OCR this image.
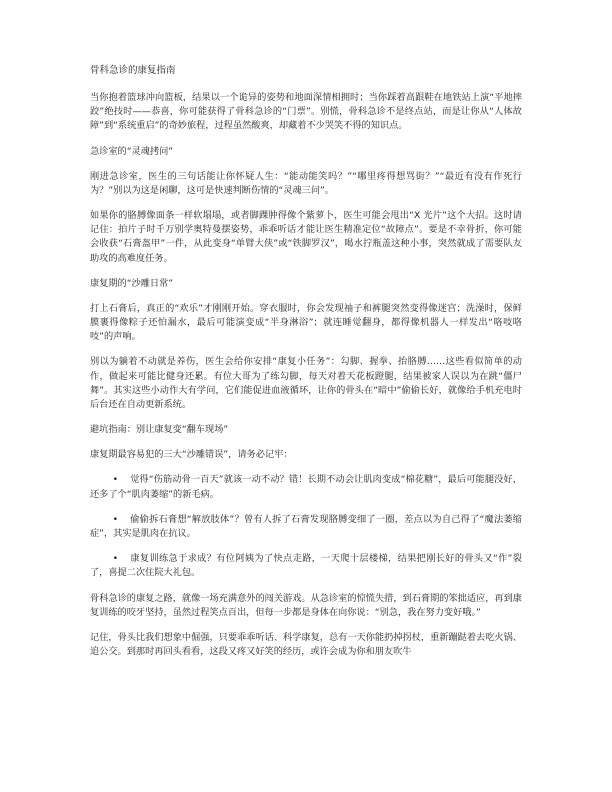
骨科急诊的康复指南

当你抱着篮球冲向篮板，结果以一个诡异的姿势和地面深情相拥时；当你踩着高跟鞋在地铁站上演“平地摔跤”绝技时——恭喜，你可能获得了骨科急诊的“门票”。别慌，骨科急诊不是终点站，而是让你从“人体故障”到“系统重启”的奇妙旅程，过程虽然酸爽，却藏着不少哭笑不得的知识点。

急诊室的“灵魂拷问”

刚进急诊室，医生的三句话能让你怀疑人生：“能动能笑吗？”“哪里疼得想骂街？”“最近有没有作死行为？”别以为这是闲聊，这可是快速判断伤情的“灵魂三问”。

如果你的胳膊像面条一样软塌塌，或者脚踝肿得像个紫萝卜，医生可能会甩出“X 光片”这个大招。这时请记住：拍片子时千万别学奥特曼摆姿势，乖乖听话才能让医生精准定位“故障点”。要是不幸骨折，你可能会收获“石膏盔甲”一件，从此变身“单臂大侠”或“铁脚罗汉”，喝水拧瓶盖这种小事，突然就成了需要队友助攻的高难度任务。

康复期的“沙雕日常”

打上石膏后，真正的“欢乐”才刚刚开始。穿衣服时，你会发现袖子和裤腿突然变得像迷宫；洗澡时，保鲜膜裹得像粽子还怕漏水，最后可能演变成“半身淋浴”；就连睡觉翻身，都得像机器人一样发出“咯吱咯吱”的声响。

别以为躺着不动就是养伤，医生会给你安排“康复小任务”：勾脚、握拳、抬胳膊……这些看似简单的动作，做起来可能比健身还累。有位大哥为了练勾脚，每天对着天花板蹬腿，结果被家人误以为在跳“僵尸舞”。其实这些小动作大有学问，它们能促进血液循环，让你的骨头在“暗中”偷偷长好，就像给手机充电时后台还在自动更新系统。

避坑指南：别让康复变“翻车现场”

康复期最容易犯的三大“沙雕错误”，请务必记牢：

• 觉得“伤筋动骨一百天”就该一动不动？错！长期不动会让肌肉变成“棉花糖”，最后可能腿没好，还多了个“肌肉萎缩”的新毛病。

• 偷偷拆石膏想“解放肢体”？曾有人拆了石膏发现胳膊变细了一圈，差点以为自己得了“魔法萎缩症”，其实是肌肉在抗议。

• 康复训练急于求成？有位阿姨为了快点走路，一天爬十层楼梯，结果把刚长好的骨头又“作”裂了，喜提二次住院大礼包。

骨科急诊的康复之路，就像一场充满意外的闯关游戏。从急诊室的惊慌失措，到石膏期的笨拙适应，再到康复训练的咬牙坚持，虽然过程笑点百出，但每一步都是身体在向你说：“别急，我在努力变好哦。”

记住，骨头比我们想象中倔强，只要乖乖听话、科学康复，总有一天你能扔掉拐杖，重新蹦跶着去吃火锅、追公交。到那时再回头看看，这段又疼又好笑的经历，或许会成为你和朋友吹牛
